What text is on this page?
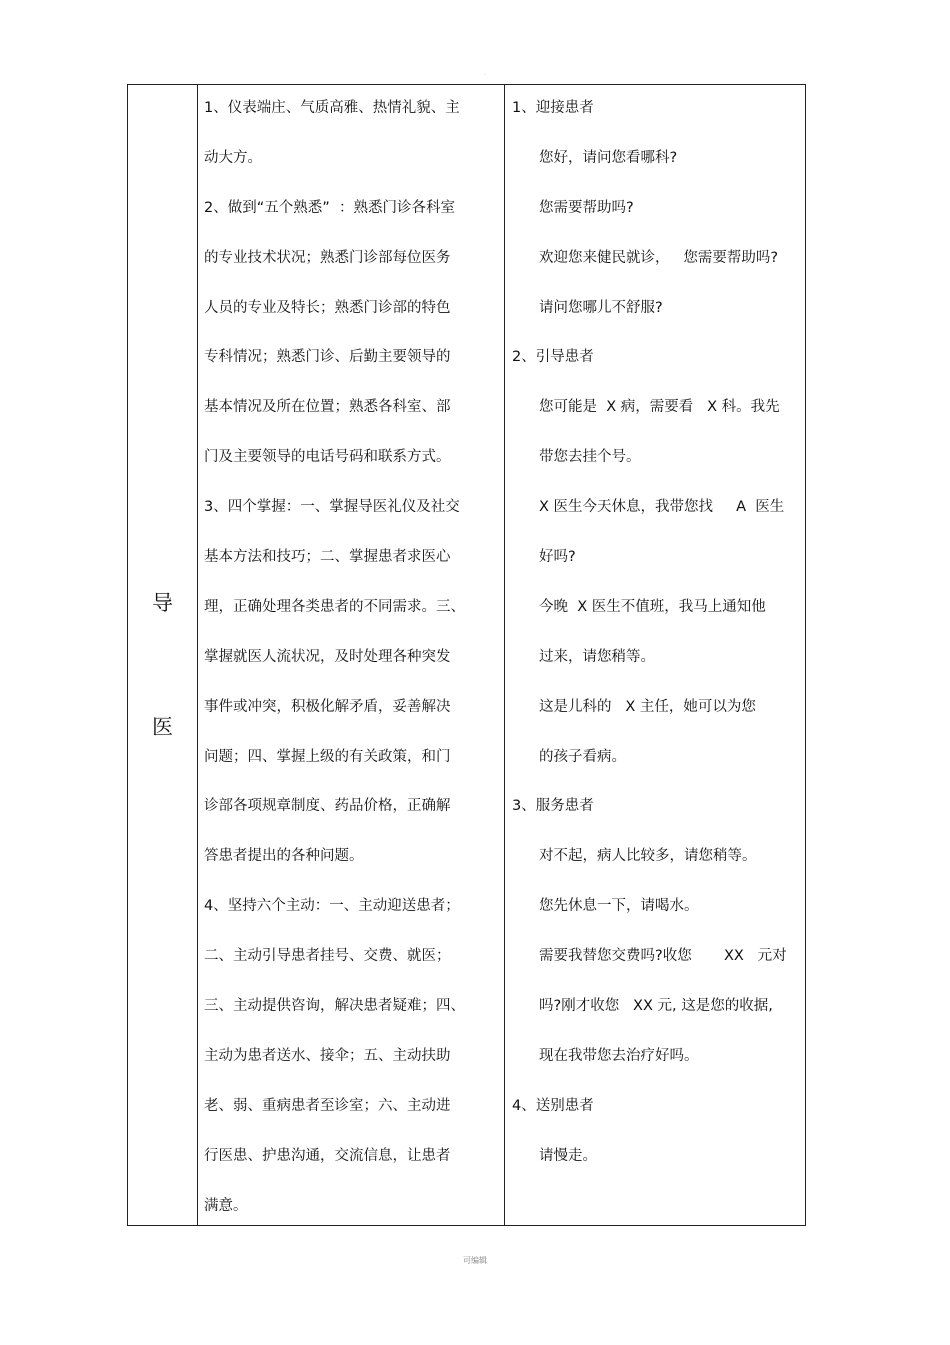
.
导
医
1、仪表端庄、气质高雅、热情礼貌、主
动大方。
2、做到“五个熟悉”  ：熟悉门诊各科室
的专业技术状况；熟悉门诊部每位医务
人员的专业及特长；熟悉门诊部的特色
专科情况；熟悉门诊、后勤主要领导的
基本情况及所在位置；熟悉各科室、部
门及主要领导的电话号码和联系方式。
3、四个掌握：一、掌握导医礼仪及社交
基本方法和技巧；二、掌握患者求医心
理，正确处理各类患者的不同需求。三、
掌握就医人流状况，及时处理各种突发
事件或冲突，积极化解矛盾，妥善解决
问题；四、掌握上级的有关政策，和门
诊部各项规章制度、药品价格，正确解
答患者提出的各种问题。
4、坚持六个主动：一、主动迎送患者；
二、主动引导患者挂号、交费、就医；
三、主动提供咨询，解决患者疑难；四、
主动为患者送水、接伞；五、主动扶助
老、弱、重病患者至诊室；六、主动进
行医患、护患沟通，交流信息，让患者
满意。
1、迎接患者
您好，请问您看哪科?
您需要帮助吗?
欢迎您来健民就诊，   您需要帮助吗?
请问您哪儿不舒服?
2、引导患者
您可能是  X 病，需要看   X 科。我先
带您去挂个号。
X 医生今天休息，我带您找     A  医生
好吗?
今晚  X 医生不值班，我马上通知他
过来，请您稍等。
这是儿科的   X 主任，她可以为您
的孩子看病。
3、服务患者
对不起，病人比较多，请您稍等。
您先休息一下，请喝水。
需要我替您交费吗?收您       XX   元对
吗?刚才收您   XX 元, 这是您的收据,
现在我带您去治疗好吗。
4、送别患者
请慢走。
可编辑
